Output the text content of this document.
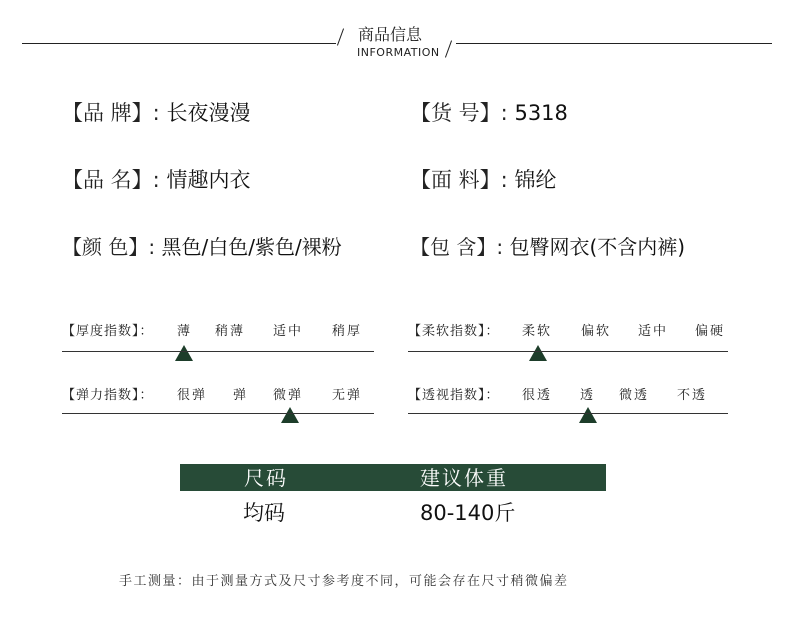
商品信息
INFORMATION
【品 牌】: 长夜漫漫	【货 号】: 5318
【品 名】: 情趣内衣	【面 料】: 锦纶
【颜 色】: 黑色/白色/紫色/裸粉	【包 含】: 包臀网衣(不含内裤)
【厚度指数】： 薄 稍薄 适中 稍厚	【柔软指数】： 柔软 偏软 适中 偏硬
【弹力指数】： 很弹 弹 微弹 无弹	【透视指数】： 很透 透 微透 不透
尺码	建议体重
均码	80-140斤
手工测量：由于测量方式及尺寸参考度不同，可能会存在尺寸稍微偏差
